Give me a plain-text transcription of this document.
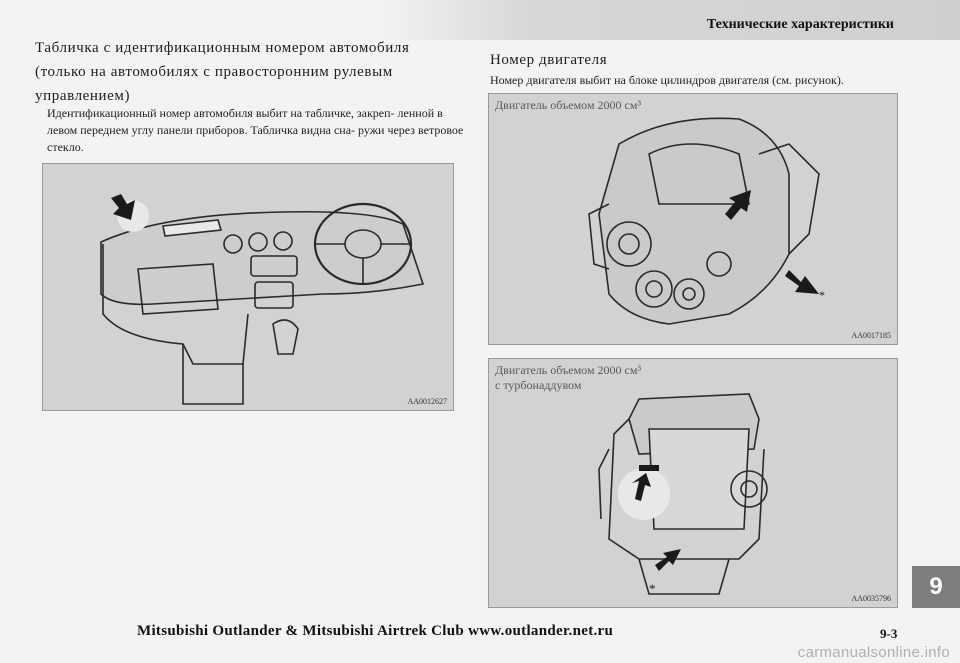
Технические характеристики
Табличка с идентификационным номером автомобиля (только на автомобилях с правосторонним рулевым управлением)
Идентификационный номер автомобиля выбит на табличке, закреп- ленной в левом переднем углу панели приборов. Табличка видна сна- ружи через ветровое стекло.
AA0012627
Номер двигателя
Номер двигателя выбит на блоке цилиндров двигателя (см. рисунок).
Двигатель объемом 2000 см³
*
AA0017185
Двигатель объемом 2000 см³
с турбонаддувом
*
AA0035796	9
Mitsubishi Outlander & Mitsubishi Airtrek Club www.outlander.net.ru	9-3
carmanualsonline.info
